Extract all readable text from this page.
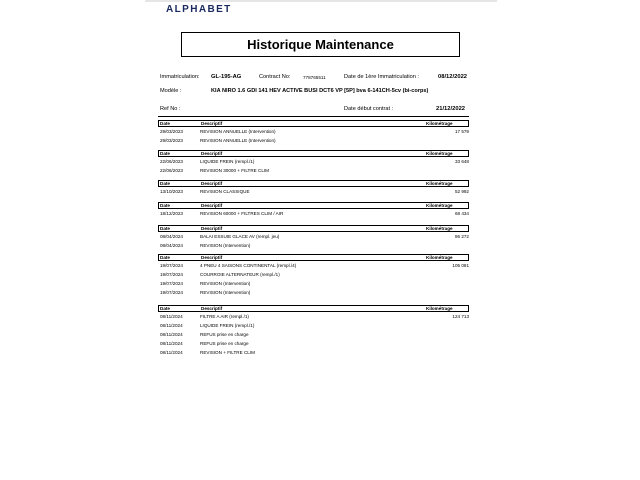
ALPHABET
Historique Maintenance
Immatriculation: GL-195-AG	Contract No:	778765511	Date de 1ère Immatriculation :	08/12/2022
Modèle :	KIA NIRO 1.6 GDI 141 HEV ACTIVE BUSI DCT6 VP [5P] bva 6-141CH-5cv (bi-corps)
Ref No :	Date début contrat :	21/12/2022
Date	Descriptif	Kilométrage
29/03/2023	REVISION ANNUELLE (Intervention)	17 579
29/03/2023	REVISION ANNUELLE (Intervention)
Date	Descriptif	Kilométrage
22/06/2023	LIQUIDE FREIN (rempl./1)	33 648
22/06/2023	REVISION 30000 + FILTRE CLIM
Date	Descriptif	Kilométrage
13/10/2023	REVISION CLASSIQUE	52 992
Date	Descriptif	Kilométrage
18/12/2023	REVISION 60000 + FILTRES CLIM / AIR	68 434
Date	Descriptif	Kilométrage
08/04/2024	BALAI ESSUIE GLACE AV (rempl. jeu)	86 272
08/04/2024	REVISION (Intervention)
Date	Descriptif	Kilométrage
19/07/2024	4 PNEU 4 SAISONS CONTINENTAL (rempl./4)	105 081
19/07/2024	COURROIE ALTERNATEUR (rempl./1)
19/07/2024	REVISION (Intervention)
19/07/2024	REVISION (Intervention)
Date	Descriptif	Kilométrage
08/11/2024	FILTRE A AIR (rempl./1)	124 713
08/11/2024	LIQUIDE FREIN (rempl./1)
08/11/2024	REFUS prise en charge
08/11/2024	REFUS prise en charge
08/11/2024	REVISION + FILTRE CLIM
